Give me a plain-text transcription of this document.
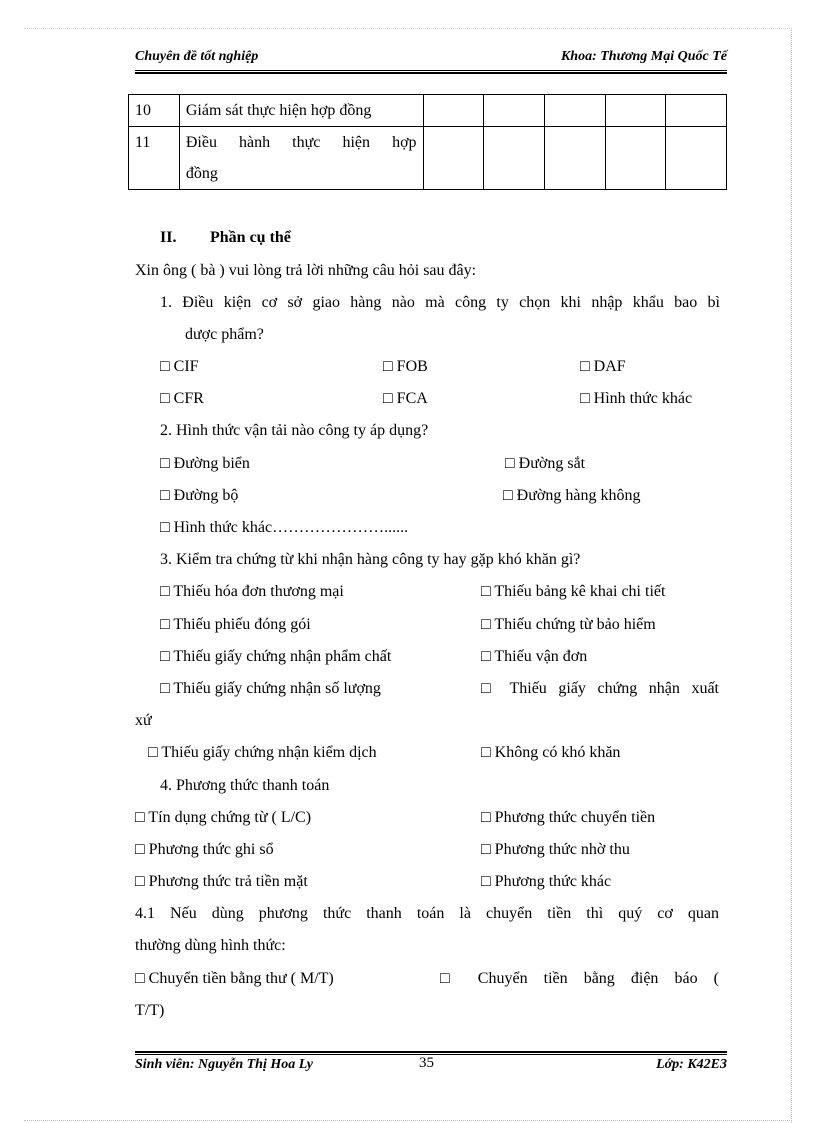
Chuyên đề tốt nghiệp	Khoa: Thương Mại Quốc Tế
10	Giám sát thực hiện hợp đồng					
11	Điều hành thực hiện hợp
đồng					

II. Phần cụ thể
Xin ông ( bà ) vui lòng trả lời những câu hỏi sau đây:
1. Điều kiện cơ sở giao hàng nào mà công ty chọn khi nhập khẩu bao bì
dược phẩm?
□ CIF	□ FOB	□ DAF
□ CFR	□ FCA	□ Hình thức khác
2. Hình thức vận tải nào công ty áp dụng?
□ Đường biển	□ Đường sắt
□ Đường bộ	□ Đường hàng không
□ Hình thức khác…………………......
3. Kiểm tra chứng từ khi nhận hàng công ty hay gặp khó khăn gì?
□ Thiếu hóa đơn thương mại	□ Thiếu bảng kê khai chi tiết
□ Thiếu phiếu đóng gói	□ Thiếu chứng từ bảo hiểm
□ Thiếu giấy chứng nhận phẩm chất	□ Thiếu vận đơn
□ Thiếu giấy chứng nhận số lượng	□ Thiếu giấy chứng nhận xuất
xứ
□ Thiếu giấy chứng nhận kiểm dịch	□ Không có khó khăn
4. Phương thức thanh toán
□ Tín dụng chứng từ ( L/C)	□ Phương thức chuyển tiền
□ Phương thức ghi sổ	□ Phương thức nhờ thu
□ Phương thức trả tiền mặt	□ Phương thức khác
4.1 Nếu dùng phương thức thanh toán là chuyển tiền thì quý cơ quan
thường dùng hình thức:
□ Chuyển tiền bằng thư ( M/T)	□ Chuyển tiền bằng điện báo (
T/T)
Sinh viên: Nguyễn Thị Hoa Ly	35	Lớp: K42E3
